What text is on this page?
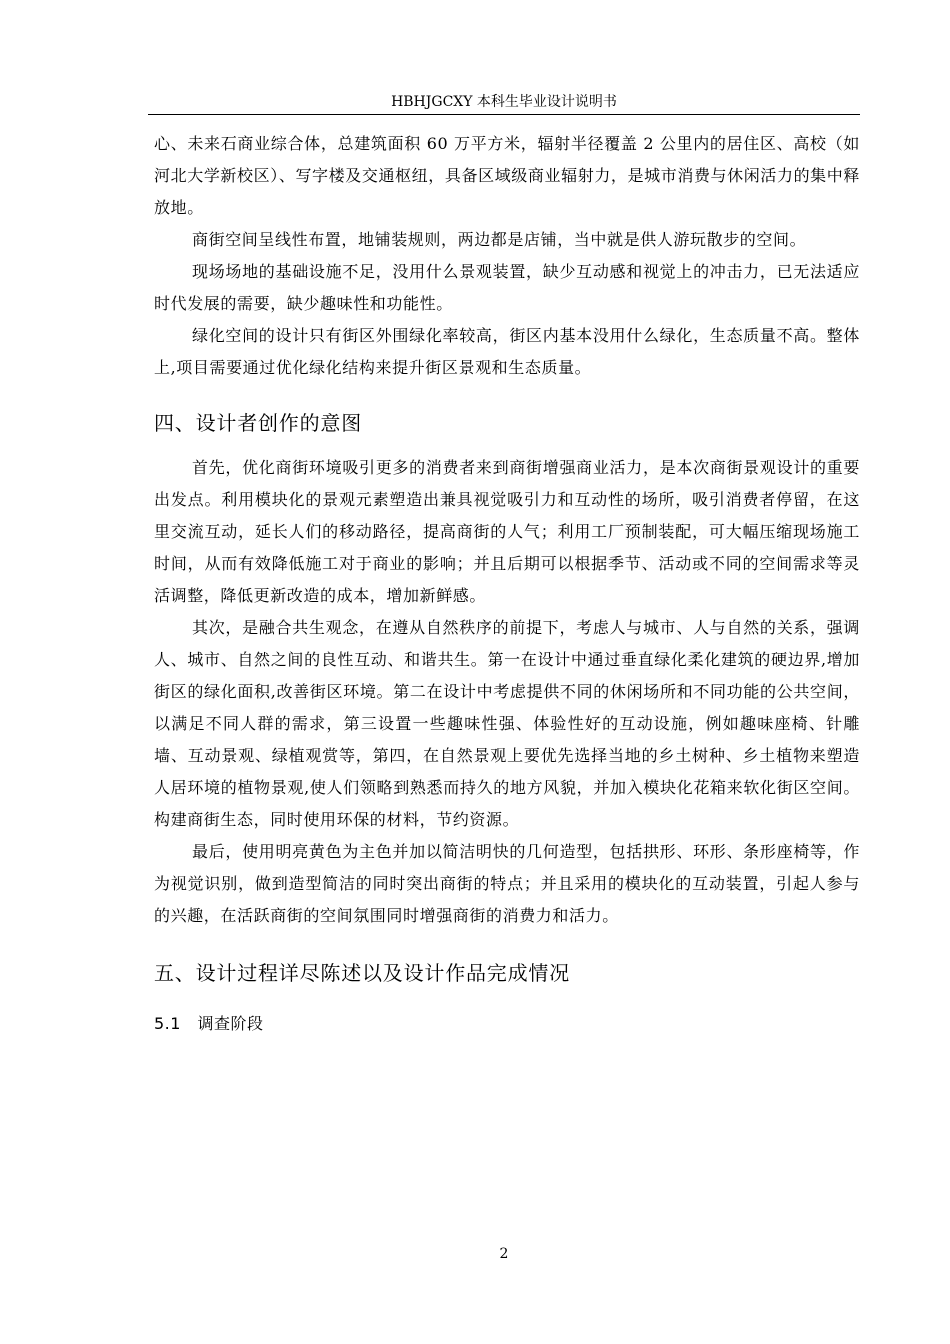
HBHJGCXY 本科生毕业设计说明书

心、未来石商业综合体，总建筑面积 60 万平方米，辐射半径覆盖 2 公里内的居住区、高校（如河北大学新校区）、写字楼及交通枢纽，具备区域级商业辐射力，是城市消费与休闲活力的集中释放地。

商街空间呈线性布置，地铺装规则，两边都是店铺，当中就是供人游玩散步的空间。

现场场地的基础设施不足，没用什么景观装置，缺少互动感和视觉上的冲击力，已无法适应时代发展的需要，缺少趣味性和功能性。

绿化空间的设计只有街区外围绿化率较高，街区内基本没用什么绿化，生态质量不高。整体上,项目需要通过优化绿化结构来提升街区景观和生态质量。

四、设计者创作的意图

首先，优化商街环境吸引更多的消费者来到商街增强商业活力，是本次商街景观设计的重要出发点。利用模块化的景观元素塑造出兼具视觉吸引力和互动性的场所，吸引消费者停留，在这里交流互动，延长人们的移动路径，提高商街的人气；利用工厂预制装配，可大幅压缩现场施工时间，从而有效降低施工对于商业的影响；并且后期可以根据季节、活动或不同的空间需求等灵活调整，降低更新改造的成本，增加新鲜感。

其次，是融合共生观念，在遵从自然秩序的前提下，考虑人与城市、人与自然的关系，强调人、城市、自然之间的良性互动、和谐共生。第一在设计中通过垂直绿化柔化建筑的硬边界,增加街区的绿化面积,改善街区环境。第二在设计中考虑提供不同的休闲场所和不同功能的公共空间，以满足不同人群的需求，第三设置一些趣味性强、体验性好的互动设施，例如趣味座椅、针雕墙、互动景观、绿植观赏等，第四，在自然景观上要优先选择当地的乡土树种、乡土植物来塑造人居环境的植物景观,使人们领略到熟悉而持久的地方风貌，并加入模块化花箱来软化街区空间。构建商街生态，同时使用环保的材料，节约资源。

最后，使用明亮黄色为主色并加以简洁明快的几何造型，包括拱形、环形、条形座椅等，作为视觉识别，做到造型简洁的同时突出商街的特点；并且采用的模块化的互动装置，引起人参与的兴趣，在活跃商街的空间氛围同时增强商街的消费力和活力。

五、设计过程详尽陈述以及设计作品完成情况
5.1　调查阶段
2
